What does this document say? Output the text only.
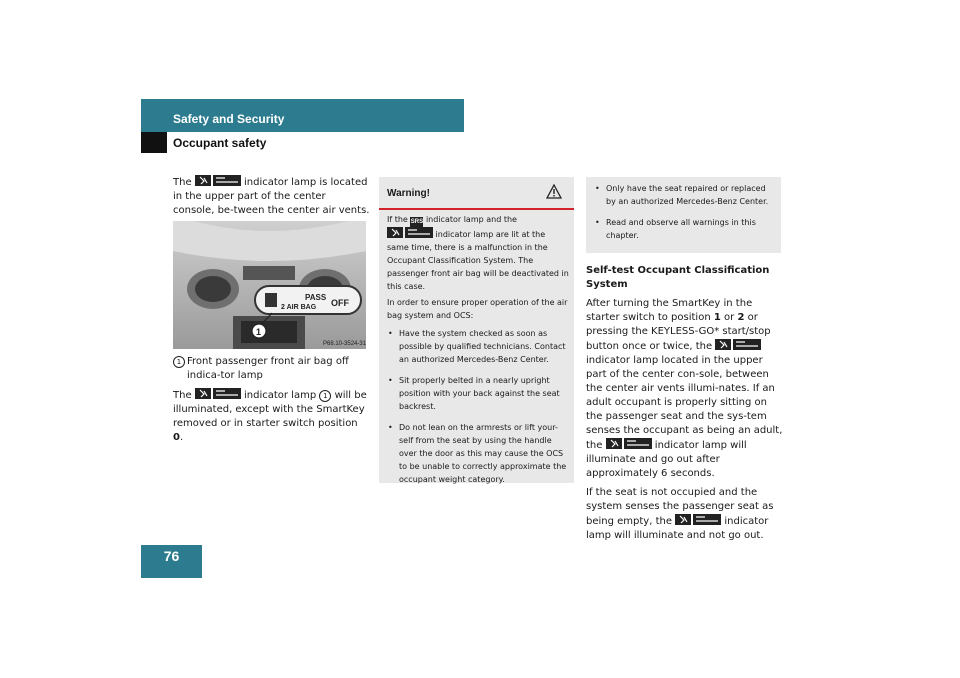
Safety and Security
Occupant safety

The	indicator lamp is located in the upper part of the center console, be-tween the center air vents.

PASS
2 AIR BAG OFF
1
P68.10-3524-31
1 Front passenger front air bag off indica-tor lamp

The	indicator lamp 1 will be illuminated, except with the SmartKey removed or in starter switch position 0.

Warning!

If the SRS indicator lamp and the
indicator lamp are lit at the same time, there is a malfunction in the Occupant Classification System. The passenger front air bag will be deactivated in this case.

In order to ensure proper operation of the air bag system and OCS:

• Have the system checked as soon as possible by qualified technicians. Contact an authorized Mercedes-Benz Center.
• Sit properly belted in a nearly upright position with your back against the seat backrest.
• Do not lean on the armrests or lift your-self from the seat by using the handle over the door as this may cause the OCS to be unable to correctly approximate the occupant weight category.
• Only have the seat repaired or replaced by an authorized Mercedes-Benz Center.
• Read and observe all warnings in this chapter.
Self-test Occupant Classification System

After turning the SmartKey in the starter switch to position 1 or 2 or pressing the KEYLESS-GO* start/stop button once or twice, the  indicator lamp located in the upper part of the center con-sole, between the center air vents illumi-nates. If an adult occupant is properly sitting on the passenger seat and the sys-tem senses the occupant as being an adult, the	indicator lamp will illuminate and go out after approximately 6 seconds.

If the seat is not occupied and the system senses the passenger seat as being empty, the	indicator lamp will illuminate and not go out.

76
